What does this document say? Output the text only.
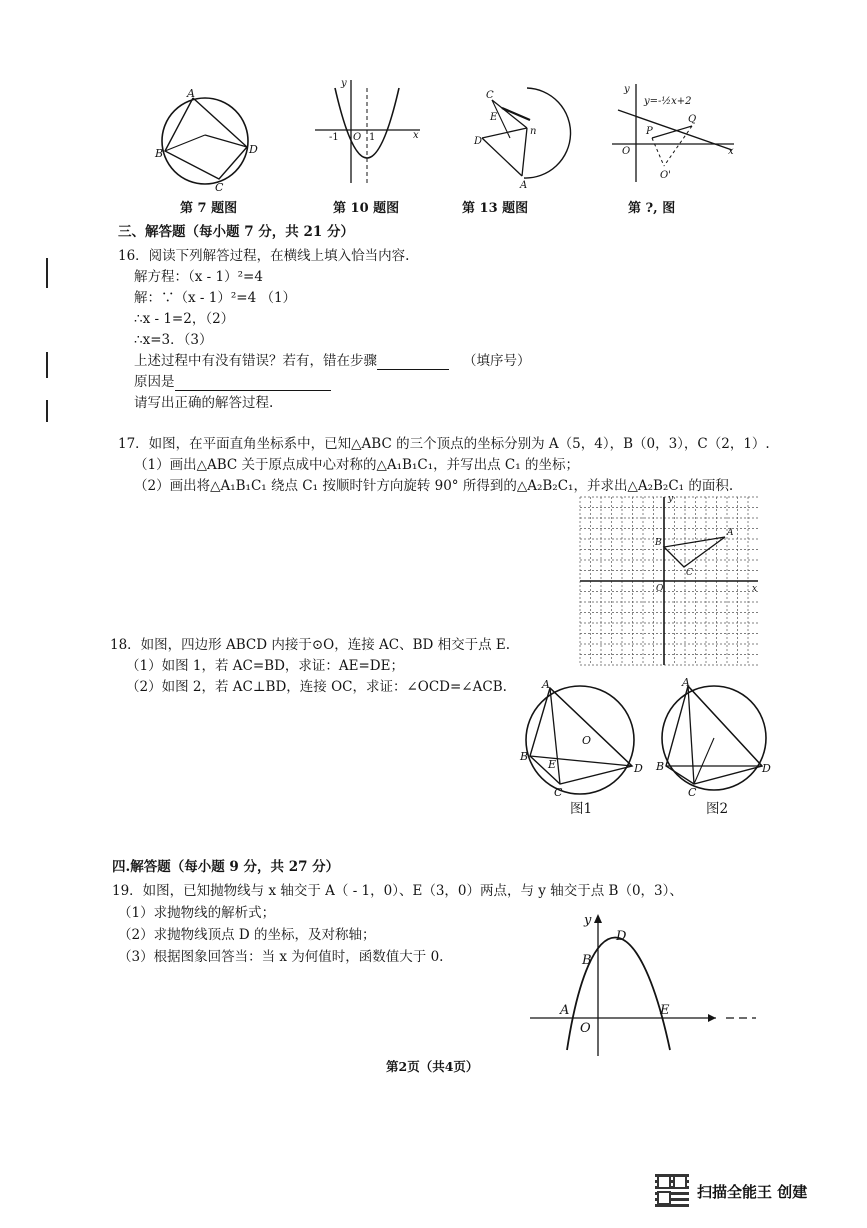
A
B
C
D
第 7 题图
y
x
-1 O 1
第 10 题图
C
E
D
A
n
第 13 题图
y
y=-½x+2
O
P
Q
x
O'
第 ?, 图
三、解答题（每小题 7 分，共 21 分）
16．阅读下列解答过程，在横线上填入恰当内容.
解方程：（x - 1）²=4
解：∵（x - 1）²=4 （1）
∴x - 1=2，（2）
∴x=3．（3）
上述过程中有没有错误？若有，错在步骤	（填序号）
原因是
请写出正确的解答过程.
17．如图，在平面直角坐标系中，已知△ABC 的三个顶点的坐标分别为 A（5，4），B（0，3），C（2，1）.
（1）画出△ABC 关于原点成中心对称的△A₁B₁C₁，并写出点 C₁ 的坐标；
（2）画出将△A₁B₁C₁ 绕点 C₁ 按顺时针方向旋转 90° 所得到的△A₂B₂C₁，并求出△A₂B₂C₁ 的面积.
y
x
A
B
C
O
18．如图，四边形 ABCD 内接于⊙O，连接 AC、BD 相交于点 E.
（1）如图 1，若 AC=BD，求证：AE=DE；
（2）如图 2，若 AC⊥BD，连接 OC，求证：∠OCD=∠ACB.	A
B
C
D
E
O
图1
A
B
C
D
图2
四.解答题（每小题 9 分，共 27 分）
19．如图，已知抛物线与 x 轴交于 A（ - 1，0）、E（3，0）两点，与 y 轴交于点 B（0，3）、
（1）求抛物线的解析式；
（2）求抛物线顶点 D 的坐标，及对称轴；
（3）根据图象回答当：当 x 为何值时，函数值大于 0.
y
D
B
A
O
E
第2页（共4页）
扫描全能王 创建
